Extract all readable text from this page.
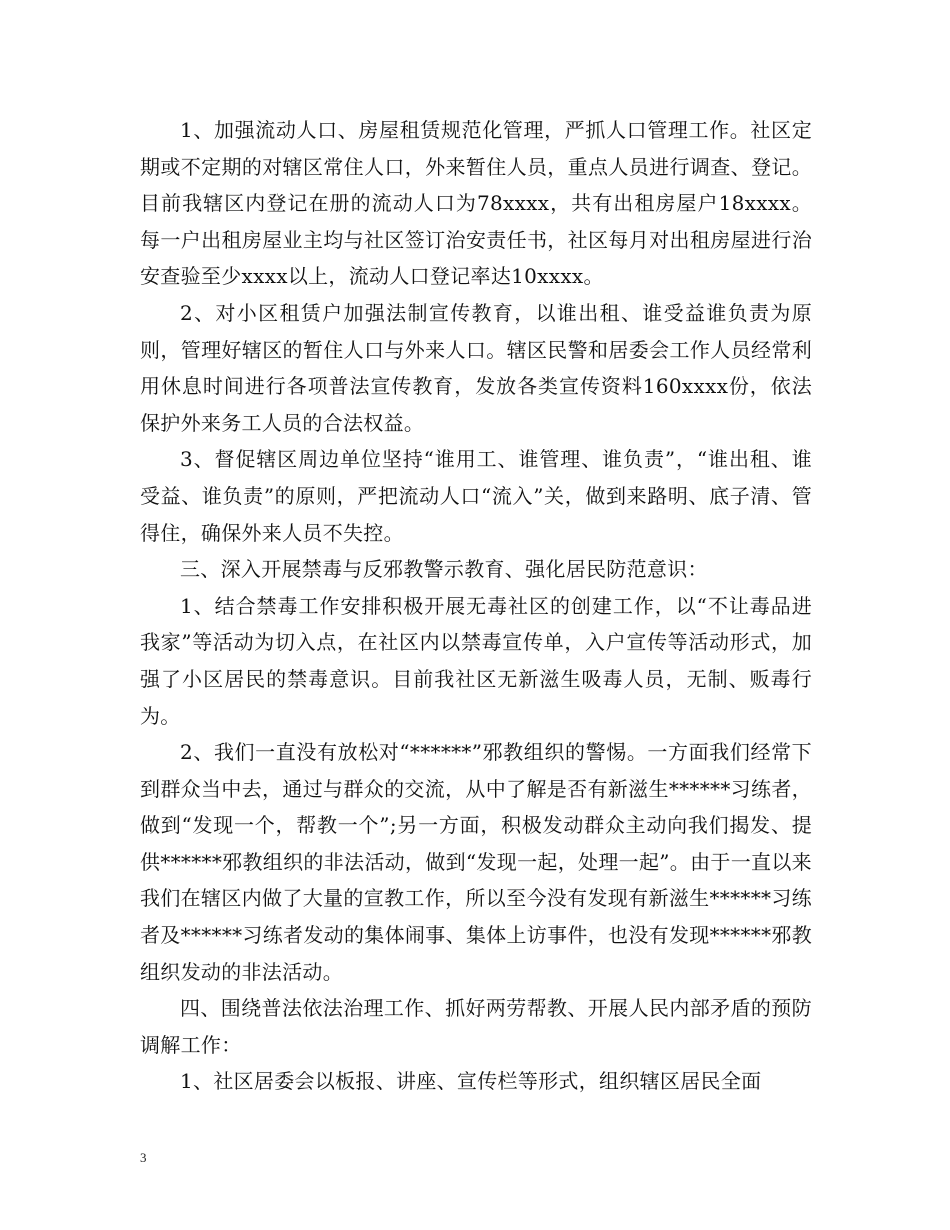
1、加强流动人口、房屋租赁规范化管理，严抓人口管理工作。社区定期或不定期的对辖区常住人口，外来暂住人员，重点人员进行调查、登记。目前我辖区内登记在册的流动人口为78xxxx，共有出租房屋户18xxxx。每一户出租房屋业主均与社区签订治安责任书，社区每月对出租房屋进行治安查验至少xxxx以上，流动人口登记率达10xxxx。

2、对小区租赁户加强法制宣传教育，以谁出租、谁受益谁负责为原则，管理好辖区的暂住人口与外来人口。辖区民警和居委会工作人员经常利用休息时间进行各项普法宣传教育，发放各类宣传资料160xxxx份，依法保护外来务工人员的合法权益。

3、督促辖区周边单位坚持“谁用工、谁管理、谁负责”，“谁出租、谁受益、谁负责”的原则，严把流动人口“流入”关，做到来路明、底子清、管得住，确保外来人员不失控。

三、深入开展禁毒与反邪教警示教育、强化居民防范意识：

1、结合禁毒工作安排积极开展无毒社区的创建工作，以“不让毒品进我家”等活动为切入点，在社区内以禁毒宣传单，入户宣传等活动形式，加强了小区居民的禁毒意识。目前我社区无新滋生吸毒人员，无制、贩毒行为。

2、我们一直没有放松对“******”邪教组织的警惕。一方面我们经常下到群众当中去，通过与群众的交流，从中了解是否有新滋生******习练者，做到“发现一个，帮教一个”;另一方面，积极发动群众主动向我们揭发、提供******邪教组织的非法活动，做到“发现一起，处理一起”。由于一直以来我们在辖区内做了大量的宣教工作，所以至今没有发现有新滋生******习练者及******习练者发动的集体闹事、集体上访事件，也没有发现******邪教组织发动的非法活动。

四、围绕普法依法治理工作、抓好两劳帮教、开展人民内部矛盾的预防调解工作：

1、社区居委会以板报、讲座、宣传栏等形式，组织辖区居民全面

3
